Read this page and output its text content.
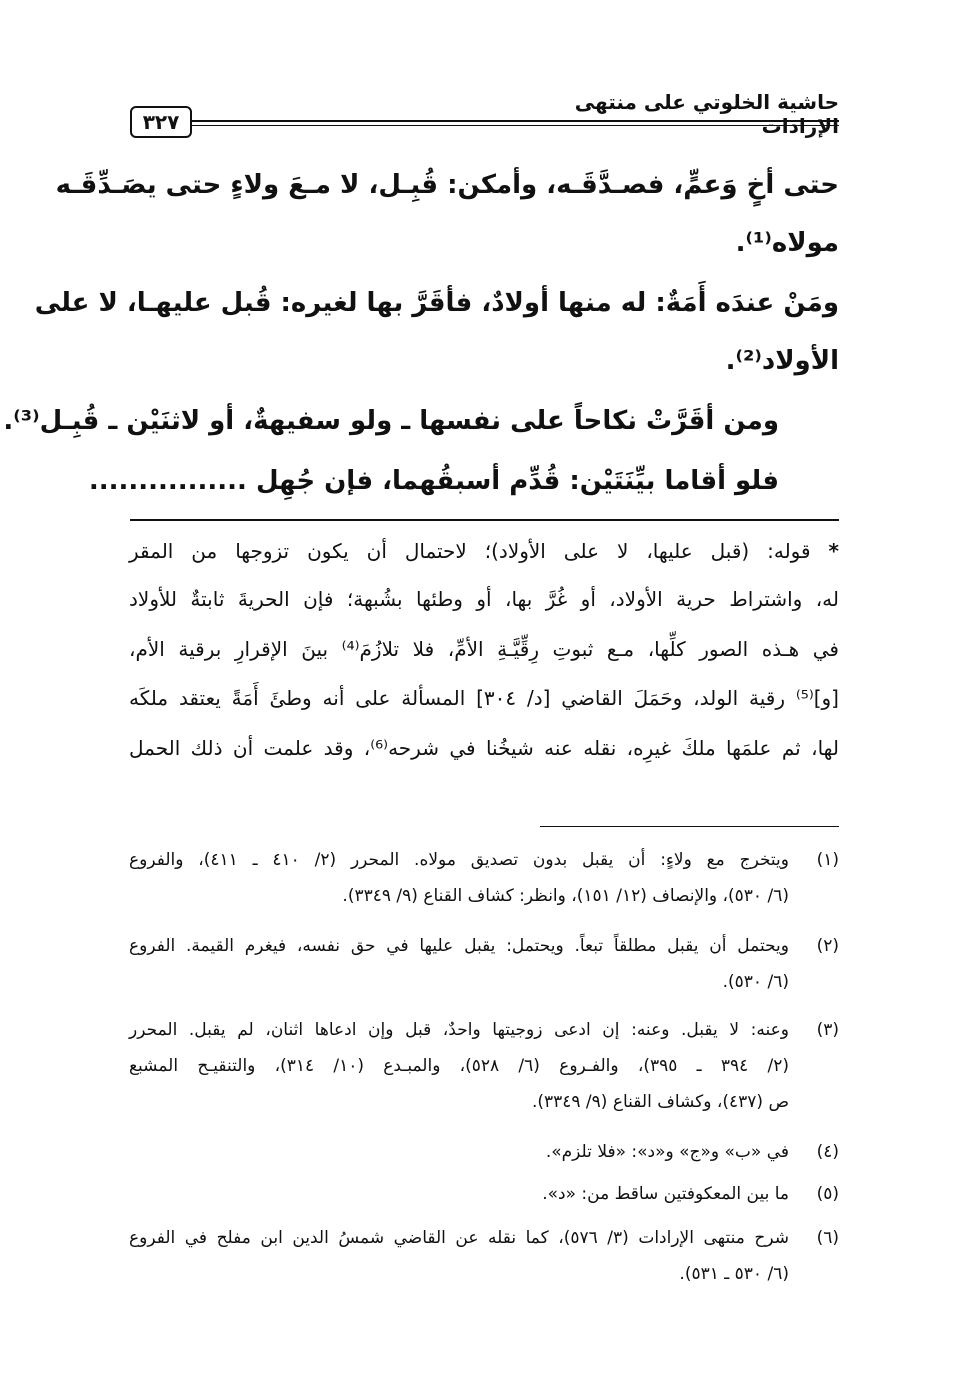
حاشية الخلوتي على منتهى الإرادات
٣٢٧
حتى أخٍ وَعمٍّ، فصـدَّقَـه، وأمكن: قُبِـل، لا مـعَ ولاءٍ حتى يصَـدِّقَـه
مولاه⁽¹⁾.
ومَنْ عندَه أَمَةٌ: له منها أولادٌ، فأقَرَّ بها لغيره: قُبل عليهـا، لا على
الأولاد⁽²⁾.
ومن أقَرَّتْ نكاحاً على نفسها ـ ولو سفيهةٌ، أو لاثنَيْن ـ قُبِـل⁽³⁾.
فلو أقاما بيِّنَتَيْن: قُدِّم أسبقُهما، فإن جُهِل ................
* قوله: (قبل عليها، لا على الأولاد)؛ لاحتمال أن يكون تزوجها من المقر
له، واشتراط حرية الأولاد، أو غُرَّ بها، أو وطئها بشُبهة؛ فإن الحريةَ ثابتةٌ للأولاد
في هـذه الصور كلِّها، مـع ثبوتِ رِقِّيَّـةِ الأمِّ، فلا تلازُمَ⁽⁴⁾ بينَ الإقرارِ برقية الأم،
[و]⁽⁵⁾ رقية الولد، وحَمَلَ القاضي [د/ ٣٠٤] المسألة على أنه وطئَ أَمَةً يعتقد ملكَه
لها، ثم علمَها ملكَ غيرِه، نقله عنه شيخُنا في شرحه⁽⁶⁾، وقد علمت أن ذلك الحمل
(١)
ويتخرج مع ولاءٍ: أن يقبل بدون تصديق مولاه. المحرر (٢/ ٤١٠ ـ ٤١١)، والفروع
(٦/ ٥٣٠)، والإنصاف (١٢/ ١٥١)، وانظر: كشاف القناع (٩/ ٣٣٤٩).
(٢)
ويحتمل أن يقبل مطلقاً تبعاً. ويحتمل: يقبل عليها في حق نفسه، فيغرم القيمة. الفروع
(٦/ ٥٣٠).
(٣)
وعنه: لا يقبل. وعنه: إن ادعى زوجيتها واحدٌ، قبل وإن ادعاها اثنان، لم يقبل. المحرر
(٢/ ٣٩٤ ـ ٣٩٥)، والفـروع (٦/ ٥٢٨)، والمبـدع (١٠/ ٣١٤)، والتنقيـح المشبع
ص (٤٣٧)، وكشاف القناع (٩/ ٣٣٤٩).
(٤)
في «ب» و«ج» و«د»: «فلا تلزم».
(٥)
ما بين المعكوفتين ساقط من: «د».
(٦)
شرح منتهى الإرادات (٣/ ٥٧٦)، كما نقله عن القاضي شمسُ الدين ابن مفلح في الفروع
(٦/ ٥٣٠ ـ ٥٣١).
